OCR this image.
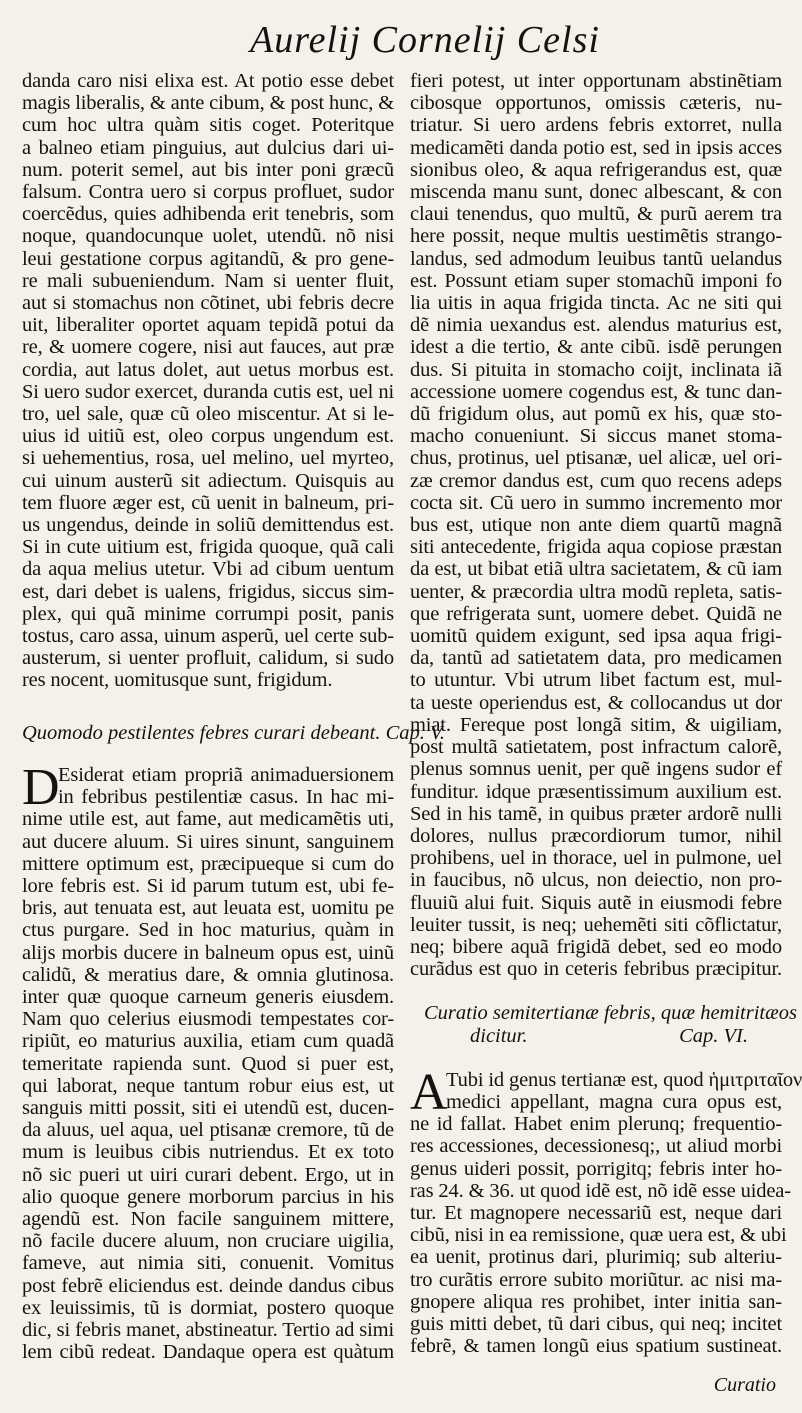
Aurelij Cornelij Celsi
danda caro nisi elixa est. At potio esse debet
magis liberalis, & ante cibum, & post hunc, &
cum hoc ultra quàm sitis coget. Poteritque
a balneo etiam pinguius, aut dulcius dari ui-
num. poterit semel, aut bis inter poni græcũ
falsum. Contra uero si corpus profluet, sudor
coercẽdus, quies adhibenda erit tenebris, som
noque, quandocunque uolet, utendũ. nõ nisi
leui gestatione corpus agitandũ, & pro gene-
re mali subueniendum. Nam si uenter fluit,
aut si stomachus non cõtinet, ubi febris decre
uit, liberaliter oportet aquam tepidã potui da
re, & uomere cogere, nisi aut fauces, aut præ
cordia, aut latus dolet, aut uetus morbus est.
Si uero sudor exercet, duranda cutis est, uel ni
tro, uel sale, quæ cũ oleo miscentur. At si le-
uius id uitiũ est, oleo corpus ungendum est.
si uehementius, rosa, uel melino, uel myrteo,
cui uinum austerũ sit adiectum. Quisquis au
tem fluore æger est, cũ uenit in balneum, pri-
us ungendus, deinde in soliũ demittendus est.
Si in cute uitium est, frigida quoque, quã cali
da aqua melius utetur. Vbi ad cibum uentum
est, dari debet is ualens, frigidus, siccus sim-
plex, qui quã minime corrumpi posit, panis
tostus, caro assa, uinum asperũ, uel certe sub-
austerum, si uenter profluit, calidum, si sudo
res nocent, uomitusque sunt, frigidum.
Quomodo pestilentes febres curari debeant. Cap. V.
D
Esiderat etiam propriã animaduersionem
in febribus pestilentiæ casus. In hac mi-
nime utile est, aut fame, aut medicamẽtis uti,
aut ducere aluum. Si uires sinunt, sanguinem
mittere optimum est, præcipueque si cum do
lore febris est. Si id parum tutum est, ubi fe-
bris, aut tenuata est, aut leuata est, uomitu pe
ctus purgare. Sed in hoc maturius, quàm in
alijs morbis ducere in balneum opus est, uinũ
calidũ, & meratius dare, & omnia glutinosa.
inter quæ quoque carneum generis eiusdem.
Nam quo celerius eiusmodi tempestates cor-
ripiũt, eo maturius auxilia, etiam cum quadã
temeritate rapienda sunt. Quod si puer est,
qui laborat, neque tantum robur eius est, ut
sanguis mitti possit, siti ei utendũ est, ducen-
da aluus, uel aqua, uel ptisanæ cremore, tũ de
mum is leuibus cibis nutriendus. Et ex toto
nõ sic pueri ut uiri curari debent. Ergo, ut in
alio quoque genere morborum parcius in his
agendũ est. Non facile sanguinem mittere,
nõ facile ducere aluum, non cruciare uigilia,
fameve, aut nimia siti, conuenit. Vomitus
post febrẽ eliciendus est. deinde dandus cibus
ex leuissimis, tũ is dormiat, postero quoque
dic, si febris manet, abstineatur. Tertio ad simi
lem cibũ redeat. Dandaque opera est quàtum
fieri potest, ut inter opportunam abstinẽtiam
cibosque opportunos, omissis cæteris, nu-
triatur. Si uero ardens febris extorret, nulla
medicamẽti danda potio est, sed in ipsis acces
sionibus oleo, & aqua refrigerandus est, quæ
miscenda manu sunt, donec albescant, & con
claui tenendus, quo multũ, & purũ aerem tra
here possit, neque multis uestimẽtis strango-
landus, sed admodum leuibus tantũ uelandus
est. Possunt etiam super stomachũ imponi fo
lia uitis in aqua frigida tincta. Ac ne siti qui
dẽ nimia uexandus est. alendus maturius est,
idest a die tertio, & ante cibũ. isdẽ perungen
dus. Si pituita in stomacho coijt, inclinata iã
accessione uomere cogendus est, & tunc dan-
dũ frigidum olus, aut pomũ ex his, quæ sto-
macho conueniunt. Si siccus manet stoma-
chus, protinus, uel ptisanæ, uel alicæ, uel ori-
zæ cremor dandus est, cum quo recens adeps
cocta sit. Cũ uero in summo incremento mor
bus est, utique non ante diem quartũ magnã
siti antecedente, frigida aqua copiose præstan
da est, ut bibat etiã ultra sacietatem, & cũ iam
uenter, & præcordia ultra modũ repleta, satis-
que refrigerata sunt, uomere debet. Quidã ne
uomitũ quidem exigunt, sed ipsa aqua frigi-
da, tantũ ad satietatem data, pro medicamen
to utuntur. Vbi utrum libet factum est, mul-
ta ueste operiendus est, & collocandus ut dor
miat. Fereque post longã sitim, & uigiliam,
post multã satietatem, post infractum calorẽ,
plenus somnus uenit, per quẽ ingens sudor ef
funditur. idque præsentissimum auxilium est.
Sed in his tamẽ, in quibus præter ardorẽ nulli
dolores, nullus præcordiorum tumor, nihil
prohibens, uel in thorace, uel in pulmone, uel
in faucibus, nõ ulcus, non deiectio, non pro-
fluuiũ alui fuit. Siquis autẽ in eiusmodi febre
leuiter tussit, is neq; uehemẽti siti cõflictatur,
neq; bibere aquã frigidã debet, sed eo modo
curãdus est quo in ceteris febribus præcipitur.
Curatio semitertianæ febris, quæ hemitritæos
dicitur.	Cap. VI.
A
Tubi id genus tertianæ est, quod ἡμιτριταῖον
medici appellant, magna cura opus est,
ne id fallat. Habet enim plerunq; frequentio-
res accessiones, decessionesq;, ut aliud morbi
genus uideri possit, porrigitq; febris inter ho-
ras 24. & 36. ut quod idẽ est, nõ idẽ esse uidea-
tur. Et magnopere necessariũ est, neque dari
cibũ, nisi in ea remissione, quæ uera est, & ubi
ea uenit, protinus dari, plurimiq; sub alteriu-
tro curãtis errore subito moriũtur. ac nisi ma-
gnopere aliqua res prohibet, inter initia san-
guis mitti debet, tũ dari cibus, qui neq; incitet
febrẽ, & tamen longũ eius spatium sustineat.
Curatio
